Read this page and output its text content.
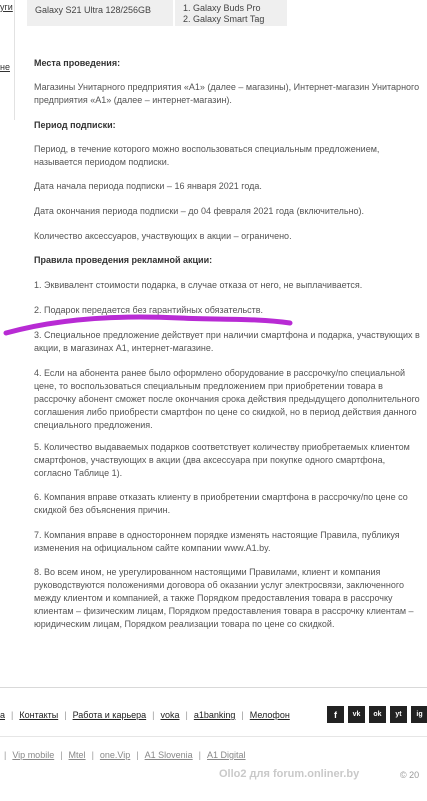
уги
не
Galaxy S21 Ultra 128/256GB	1. Galaxy Buds Pro
2. Galaxy Smart Tag

Места проведения:

Магазины Унитарного предприятия «А1» (далее – магазины), Интернет-магазин Унитарного предприятия «А1» (далее – интернет-магазин).

Период подписки:

Период, в течение которого можно воспользоваться специальным предложением, называется периодом подписки.

Дата начала периода подписки – 16 января 2021 года.

Дата окончания периода подписки – до 04 февраля 2021 года (включительно).

Количество аксессуаров, участвующих в акции – ограничено.

Правила проведения рекламной акции:

1. Эквивалент стоимости подарка, в случае отказа от него, не выплачивается.

2. Подарок передается без гарантийных обязательств.

3. Специальное предложение действует при наличии смартфона и подарка, участвующих в акции, в магазинах А1, интернет-магазине.

4. Если на абонента ранее было оформлено оборудование в рассрочку/по специальной цене, то воспользоваться специальным предложением при приобретении товара в рассрочку абонент сможет после окончания срока действия предыдущего дополнительного соглашения либо приобрести смартфон по цене со скидкой, но в период действия данного специального предложения.

5. Количество выдаваемых подарков соответствует количеству приобретаемых клиентом смартфонов, участвующих в акции (два аксессуара при покупке одного смартфона, согласно Таблице 1).

6. Компания вправе отказать клиенту в приобретении смартфона в рассрочку/по цене со скидкой без объяснения причин.

7. Компания вправе в одностороннем порядке изменять настоящие Правила, публикуя изменения на официальном сайте компании www.A1.by.

8. Во всем ином, не урегулированном настоящими Правилами, клиент и компания руководствуются положениями договора об оказании услуг электросвязи, заключенного между клиентом и компанией, а также Порядком предоставления товара в рассрочку клиентам – физическим лицам, Порядком предоставления товара в рассрочку клиентам – юридическим лицам, Порядком реализации товара по цене со скидкой.

а | Контакты | Работа и карьера | voka | a1banking | Мелофон	f	vk ok yt ig
| Vip mobile | Mtel | one.Vip | A1 Slovenia | A1 Digital
Ollo2 для forum.onliner.by	© 20
